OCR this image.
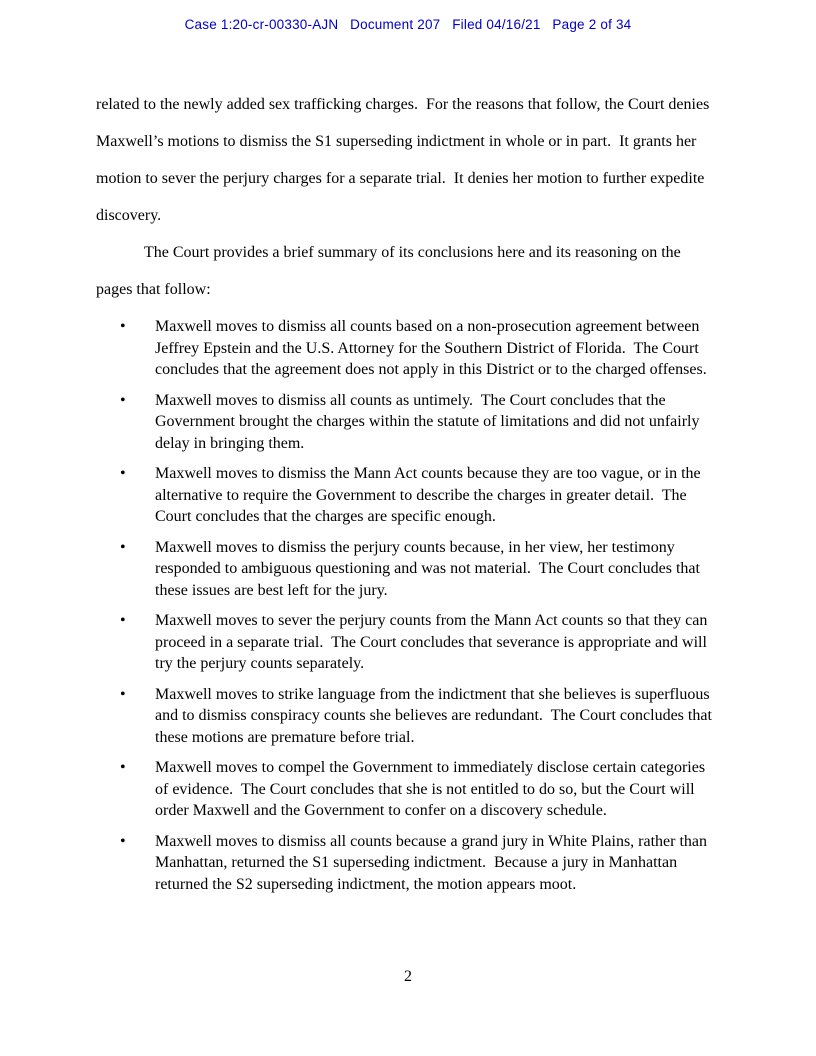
Case 1:20-cr-00330-AJN   Document 207   Filed 04/16/21   Page 2 of 34

related to the newly added sex trafficking charges.  For the reasons that follow, the Court denies Maxwell’s motions to dismiss the S1 superseding indictment in whole or in part.  It grants her motion to sever the perjury charges for a separate trial.  It denies her motion to further expedite discovery.

The Court provides a brief summary of its conclusions here and its reasoning on the pages that follow:

• Maxwell moves to dismiss all counts based on a non-prosecution agreement between Jeffrey Epstein and the U.S. Attorney for the Southern District of Florida.  The Court concludes that the agreement does not apply in this District or to the charged offenses.
• Maxwell moves to dismiss all counts as untimely.  The Court concludes that the Government brought the charges within the statute of limitations and did not unfairly delay in bringing them.
• Maxwell moves to dismiss the Mann Act counts because they are too vague, or in the alternative to require the Government to describe the charges in greater detail.  The Court concludes that the charges are specific enough.
• Maxwell moves to dismiss the perjury counts because, in her view, her testimony responded to ambiguous questioning and was not material.  The Court concludes that these issues are best left for the jury.
• Maxwell moves to sever the perjury counts from the Mann Act counts so that they can proceed in a separate trial.  The Court concludes that severance is appropriate and will try the perjury counts separately.
• Maxwell moves to strike language from the indictment that she believes is superfluous and to dismiss conspiracy counts she believes are redundant.  The Court concludes that these motions are premature before trial.
• Maxwell moves to compel the Government to immediately disclose certain categories of evidence.  The Court concludes that she is not entitled to do so, but the Court will order Maxwell and the Government to confer on a discovery schedule.
• Maxwell moves to dismiss all counts because a grand jury in White Plains, rather than Manhattan, returned the S1 superseding indictment.  Because a jury in Manhattan returned the S2 superseding indictment, the motion appears moot.
2
